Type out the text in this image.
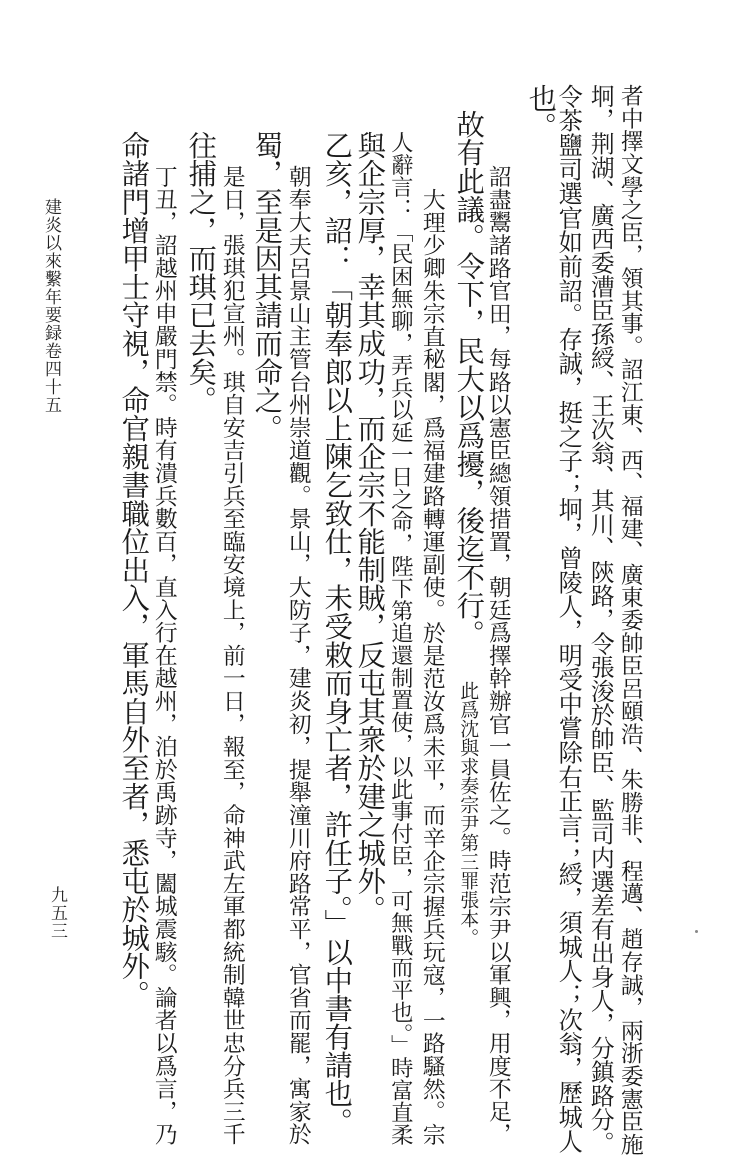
者中擇文學之臣，領其事。詔江東、西、福建、廣東委帥臣呂頤浩、朱勝非、程邁、趙存誠，兩浙委憲臣施
坰，荆湖、廣西委漕臣孫綬、王次翁、其川、陝路，令張浚於帥臣、監司内選差有出身人，分鎮路分。
令茶鹽司選官如前詔。存誠，挺之子；坰，曾陵人，明受中嘗除右正言；綬，須城人；次翁，歷城人
也。
故有此議。令下，民大以爲擾，後迄不行。 此爲沈與求奏宗尹第三罪張本。 詔盡鬻諸路官田，每路以憲臣總領措置，朝廷爲擇幹辦官一員佐之。時范宗尹以軍興，用度不足，
大理少卿朱宗直秘閣，爲福建路轉運副使。於是范汝爲未平，而辛企宗握兵玩寇，一路騷然。宗
人辭言：「民困無聊，弄兵以延一日之命，陛下第追還制置使，以此事付臣，可無戰而平也。」時富直柔
與企宗厚，幸其成功，而企宗不能制賊，反屯其衆於建之城外。
乙亥，詔：「朝奉郎以上陳乞致仕，未受敕而身亡者，許任子。」以中書有請也。
朝奉大夫呂景山主管台州崇道觀。景山，大防子，建炎初，提舉潼川府路常平，官省而罷，寓家於
蜀，至是因其請而命之。
是日，張琪犯宣州。琪自安吉引兵至臨安境上，前一日，報至，命神武左軍都統制韓世忠分兵三千
往捕之，而琪已去矣。
丁丑，詔越州申嚴門禁。時有潰兵數百，直入行在越州，泊於禹跡寺，闔城震駭。論者以爲言，乃
命諸門增甲士守視，命官親書職位出入，軍馬自外至者，悉屯於城外。
建炎以來繫年要録卷四十五
九五三
